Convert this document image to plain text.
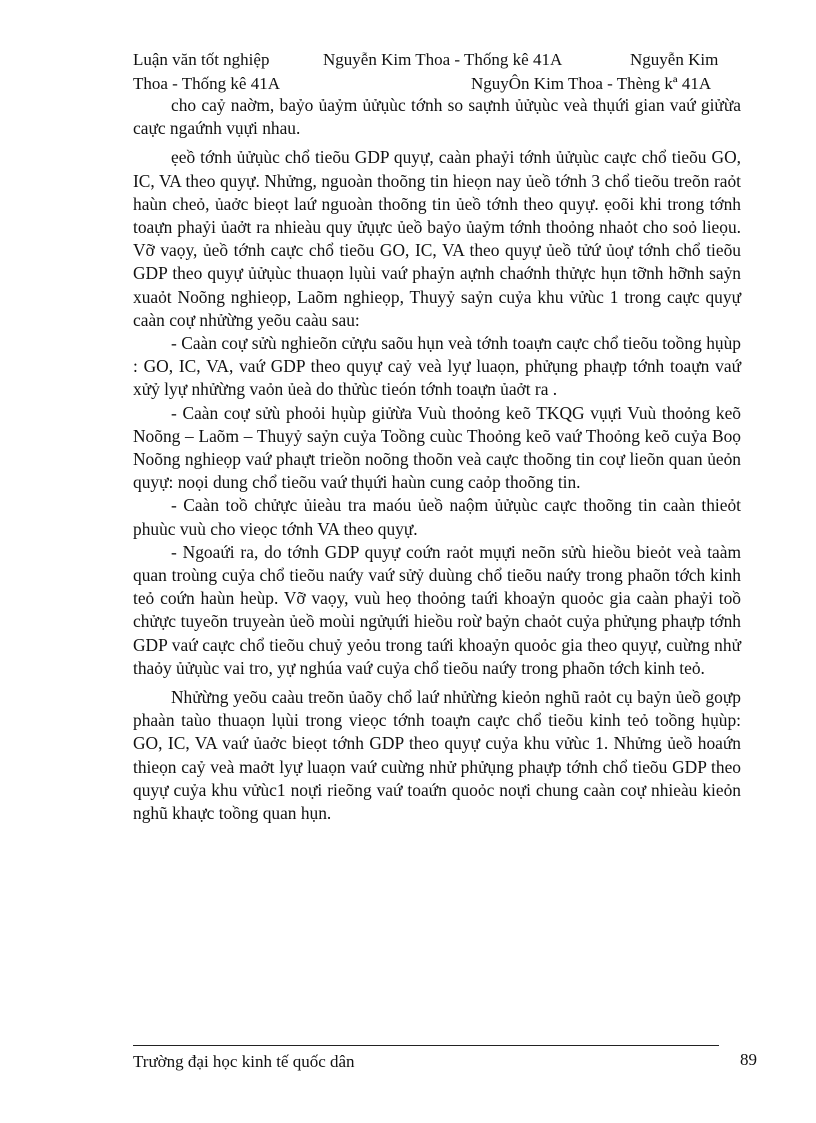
Luận văn tốt nghiệp	Nguyễn Kim Thoa - Thống kê 41A	Nguyễn Kim
Thoa - Thống kê 41A	NguyÔn Kim Thoa - Thèng kª 41A

cho caỷ naờm, baỷo ủaỷm ủửụùc tớnh so saựnh ủửụùc veà thụứi gian vaứ giửừa caực ngaứnh vụựi nhau.

ẹeồ tớnh ủửụùc chổ tieõu GDP quyự, caàn phaỷi tớnh ủửụùc caực chổ tieõu GO, IC, VA theo quyự. Nhửng, nguoàn thoõng tin hieọn nay ủeồ tớnh 3 chổ tieõu treõn raỏt haùn cheỏ, ủaởc bieọt laứ nguoàn thoõng tin ủeồ tớnh theo quyự. ẹoõi khi trong tớnh toaựn phaỷi ủaởt ra nhieàu quy ửụực ủeồ baỷo ủaỷm tớnh thoỏng nhaỏt cho soỏ lieọu. Vỡ vaọy, ủeồ tớnh caực chổ tieõu GO, IC, VA theo quyự ủeồ tửứ ủoự tớnh chổ tieõu GDP theo quyự ủửụùc thuaọn lụùi vaứ phaỷn aựnh chaớnh thửực hụn tỡnh hỡnh saỷn xuaỏt Noõng nghieọp, Laõm nghieọp, Thuyỷ saỷn cuỷa khu vửùc 1 trong caực quyự caàn coự nhửừng yeõu caàu sau:

- Caàn coự sửù nghieõn cửựu saõu hụn veà tớnh toaựn caực chổ tieõu toồng hụùp : GO, IC, VA, vaứ GDP theo quyự caỷ veà lyự luaọn, phửụng phaựp tớnh toaựn vaứ xửỷ lyự nhửừng vaỏn ủeà do thửùc tieón tớnh toaựn ủaởt ra .

- Caàn coự sửù phoỏi hụùp giửừa Vuù thoỏng keõ TKQG vụựi Vuù thoỏng keõ Noõng – Laõm – Thuyỷ saỷn cuỷa Toồng cuùc Thoỏng keõ vaứ Thoỏng keõ cuỷa Boọ Noõng nghieọp vaứ phaựt trieồn noõng thoõn veà caực thoõng tin coự lieõn quan ủeỏn quyự: noọi dung chổ tieõu vaứ thụứi haùn cung caỏp thoõng tin.

- Caàn toồ chửực ủieàu tra maóu ủeồ naộm ủửụùc caực thoõng tin caàn thieỏt phuùc vuù cho vieọc tớnh VA theo quyự.

- Ngoaứi ra, do tớnh GDP quyự coứn raỏt mụựi neõn sửù hieồu bieỏt veà taàm quan troùng cuỷa chổ tieõu naứy vaứ sửỷ duùng chổ tieõu naứy trong phaõn tớch kinh teỏ coứn haùn heùp. Vỡ vaọy, vuù heọ thoỏng taứi khoaỷn quoỏc gia caàn phaỷi toồ chửực tuyeõn truyeàn ủeồ moùi ngửụứi hieồu roừ baỷn chaỏt cuỷa phửụng phaựp tớnh GDP vaứ caực chổ tieõu chuỷ yeỏu trong taứi khoaỷn quoỏc gia theo quyự, cuừng nhử thaỏy ủửụùc vai tro, yự nghúa vaứ cuỷa chổ tieõu naứy trong phaõn tớch kinh teỏ.

Nhửừng yeõu caàu treõn ủaõy chổ laứ nhửừng kieỏn nghũ raỏt cụ baỷn ủeồ goựp phaàn taùo thuaọn lụùi trong vieọc tớnh toaựn caực chổ tieõu kinh teỏ toồng hụùp: GO, IC, VA vaứ ủaởc bieọt tớnh GDP theo quyự cuỷa khu vửùc 1. Nhửng ủeồ hoaứn thieọn caỷ veà maởt lyự luaọn vaứ cuừng nhử phửụng phaựp tớnh chổ tieõu GDP theo quyự cuỷa khu vửùc1 noựi rieõng vaứ toaứn quoỏc noựi chung caàn coự nhieàu kieỏn nghũ khaực toồng quan hụn.

Trường đại học kinh tế quốc dân	89
